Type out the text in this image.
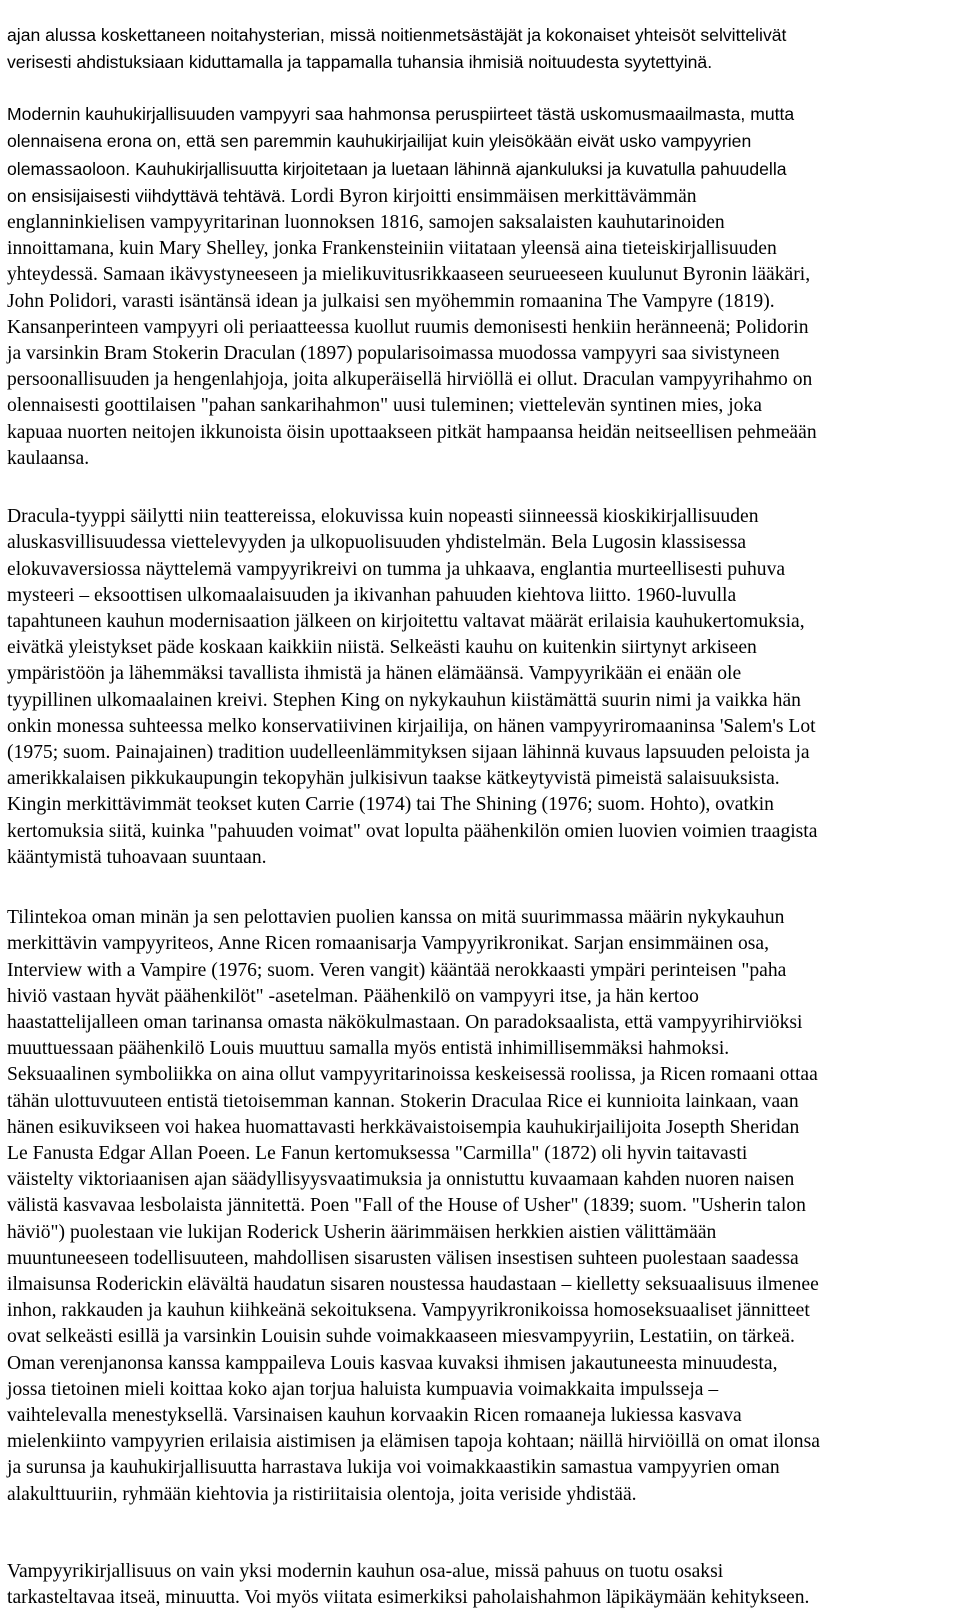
ajan alussa koskettaneen noitahysterian, missä noitienmetsästäjät ja kokonaiset yhteisöt selvittelivät
verisesti ahdistuksiaan kiduttamalla ja tappamalla tuhansia ihmisiä noituudesta syytettyinä.

Modernin kauhukirjallisuuden vampyyri saa hahmonsa peruspiirteet tästä uskomusmaailmasta, mutta
olennaisena erona on, että sen paremmin kauhukirjailijat kuin yleisökään eivät usko vampyyrien
olemassaoloon. Kauhukirjallisuutta kirjoitetaan ja luetaan lähinnä ajankuluksi ja kuvatulla pahuudella
on ensisijaisesti viihdyttävä tehtävä. Lordi Byron kirjoitti ensimmäisen merkittävämmän
englanninkielisen vampyyritarinan luonnoksen 1816, samojen saksalaisten kauhutarinoiden
innoittamana, kuin Mary Shelley, jonka Frankensteiniin viitataan yleensä aina tieteiskirjallisuuden
yhteydessä. Samaan ikävystyneeseen ja mielikuvitusrikkaaseen seurueeseen kuulunut Byronin lääkäri,
John Polidori, varasti isäntänsä idean ja julkaisi sen myöhemmin romaanina The Vampyre (1819).
Kansanperinteen vampyyri oli periaatteessa kuollut ruumis demonisesti henkiin heränneenä; Polidorin
ja varsinkin Bram Stokerin Draculan (1897) popularisoimassa muodossa vampyyri saa sivistyneen
persoonallisuuden ja hengenlahjoja, joita alkuperäisellä hirviöllä ei ollut. Draculan vampyyrihahmo on
olennaisesti goottilaisen "pahan sankarihahmon" uusi tuleminen; viettelevän syntinen mies, joka
kapuaa nuorten neitojen ikkunoista öisin upottaakseen pitkät hampaansa heidän neitseellisen pehmeään
kaulaansa.

Dracula-tyyppi säilytti niin teattereissa, elokuvissa kuin nopeasti siinneessä kioskikirjallisuuden
aluskasvillisuudessa viettelevyyden ja ulkopuolisuuden yhdistelmän. Bela Lugosin klassisessa
elokuvaversiossa näyttelemä vampyyrikreivi on tumma ja uhkaava, englantia murteellisesti puhuva
mysteeri – eksoottisen ulkomaalaisuuden ja ikivanhan pahuuden kiehtova liitto. 1960-luvulla
tapahtuneen kauhun modernisaation jälkeen on kirjoitettu valtavat määrät erilaisia kauhukertomuksia,
eivätkä yleistykset päde koskaan kaikkiin niistä. Selkeästi kauhu on kuitenkin siirtynyt arkiseen
ympäristöön ja lähemmäksi tavallista ihmistä ja hänen elämäänsä. Vampyyrikään ei enään ole
tyypillinen ulkomaalainen kreivi. Stephen King on nykykauhun kiistämättä suurin nimi ja vaikka hän
onkin monessa suhteessa melko konservatiivinen kirjailija, on hänen vampyyriromaaninsa 'Salem's Lot
(1975; suom. Painajainen) tradition uudelleenlämmityksen sijaan lähinnä kuvaus lapsuuden peloista ja
amerikkalaisen pikkukaupungin tekopyhän julkisivun taakse kätkeytyvistä pimeistä salaisuuksista.
Kingin merkittävimmät teokset kuten Carrie (1974) tai The Shining (1976; suom. Hohto), ovatkin
kertomuksia siitä, kuinka "pahuuden voimat" ovat lopulta päähenkilön omien luovien voimien traagista
kääntymistä tuhoavaan suuntaan.

Tilintekoa oman minän ja sen pelottavien puolien kanssa on mitä suurimmassa määrin nykykauhun
merkittävin vampyyriteos, Anne Ricen romaanisarja Vampyyrikronikat. Sarjan ensimmäinen osa,
Interview with a Vampire (1976; suom. Veren vangit) kääntää nerokkaasti ympäri perinteisen "paha
hiviö vastaan hyvät päähenkilöt" -asetelman. Päähenkilö on vampyyri itse, ja hän kertoo
haastattelijalleen oman tarinansa omasta näkökulmastaan. On paradoksaalista, että vampyyrihirviöksi
muuttuessaan päähenkilö Louis muuttuu samalla myös entistä inhimillisemmäksi hahmoksi.
Seksuaalinen symboliikka on aina ollut vampyyritarinoissa keskeisessä roolissa, ja Ricen romaani ottaa
tähän ulottuvuuteen entistä tietoisemman kannan. Stokerin Draculaa Rice ei kunnioita lainkaan, vaan
hänen esikuvikseen voi hakea huomattavasti herkkävaistoisempia kauhukirjailijoita Josepth Sheridan
Le Fanusta Edgar Allan Poeen. Le Fanun kertomuksessa "Carmilla" (1872) oli hyvin taitavasti
väistelty viktoriaanisen ajan säädyllisyysvaatimuksia ja onnistuttu kuvaamaan kahden nuoren naisen
välistä kasvavaa lesbolaista jännitettä. Poen "Fall of the House of Usher" (1839; suom. "Usherin talon
häviö") puolestaan vie lukijan Roderick Usherin äärimmäisen herkkien aistien välittämään
muuntuneeseen todellisuuteen, mahdollisen sisarusten välisen insestisen suhteen puolestaan saadessa
ilmaisunsa Roderickin elävältä haudatun sisaren noustessa haudastaan – kielletty seksuaalisuus ilmenee
inhon, rakkauden ja kauhun kiihkeänä sekoituksena. Vampyyrikronikoissa homoseksuaaliset jännitteet
ovat selkeästi esillä ja varsinkin Louisin suhde voimakkaaseen miesvampyyriin, Lestatiin, on tärkeä.
Oman verenjanonsa kanssa kamppaileva Louis kasvaa kuvaksi ihmisen jakautuneesta minuudesta,
jossa tietoinen mieli koittaa koko ajan torjua haluista kumpuavia voimakkaita impulsseja –
vaihtelevalla menestyksellä. Varsinaisen kauhun korvaakin Ricen romaaneja lukiessa kasvava
mielenkiinto vampyyrien erilaisia aistimisen ja elämisen tapoja kohtaan; näillä hirviöillä on omat ilonsa
ja surunsa ja kauhukirjallisuutta harrastava lukija voi voimakkaastikin samastua vampyyrien oman
alakulttuuriin, ryhmään kiehtovia ja ristiriitaisia olentoja, joita veriside yhdistää.

Vampyyrikirjallisuus on vain yksi modernin kauhun osa-alue, missä pahuus on tuotu osaksi
tarkasteltavaa itseä, minuutta. Voi myös viitata esimerkiksi paholaishahmon läpikäymään kehitykseen.
